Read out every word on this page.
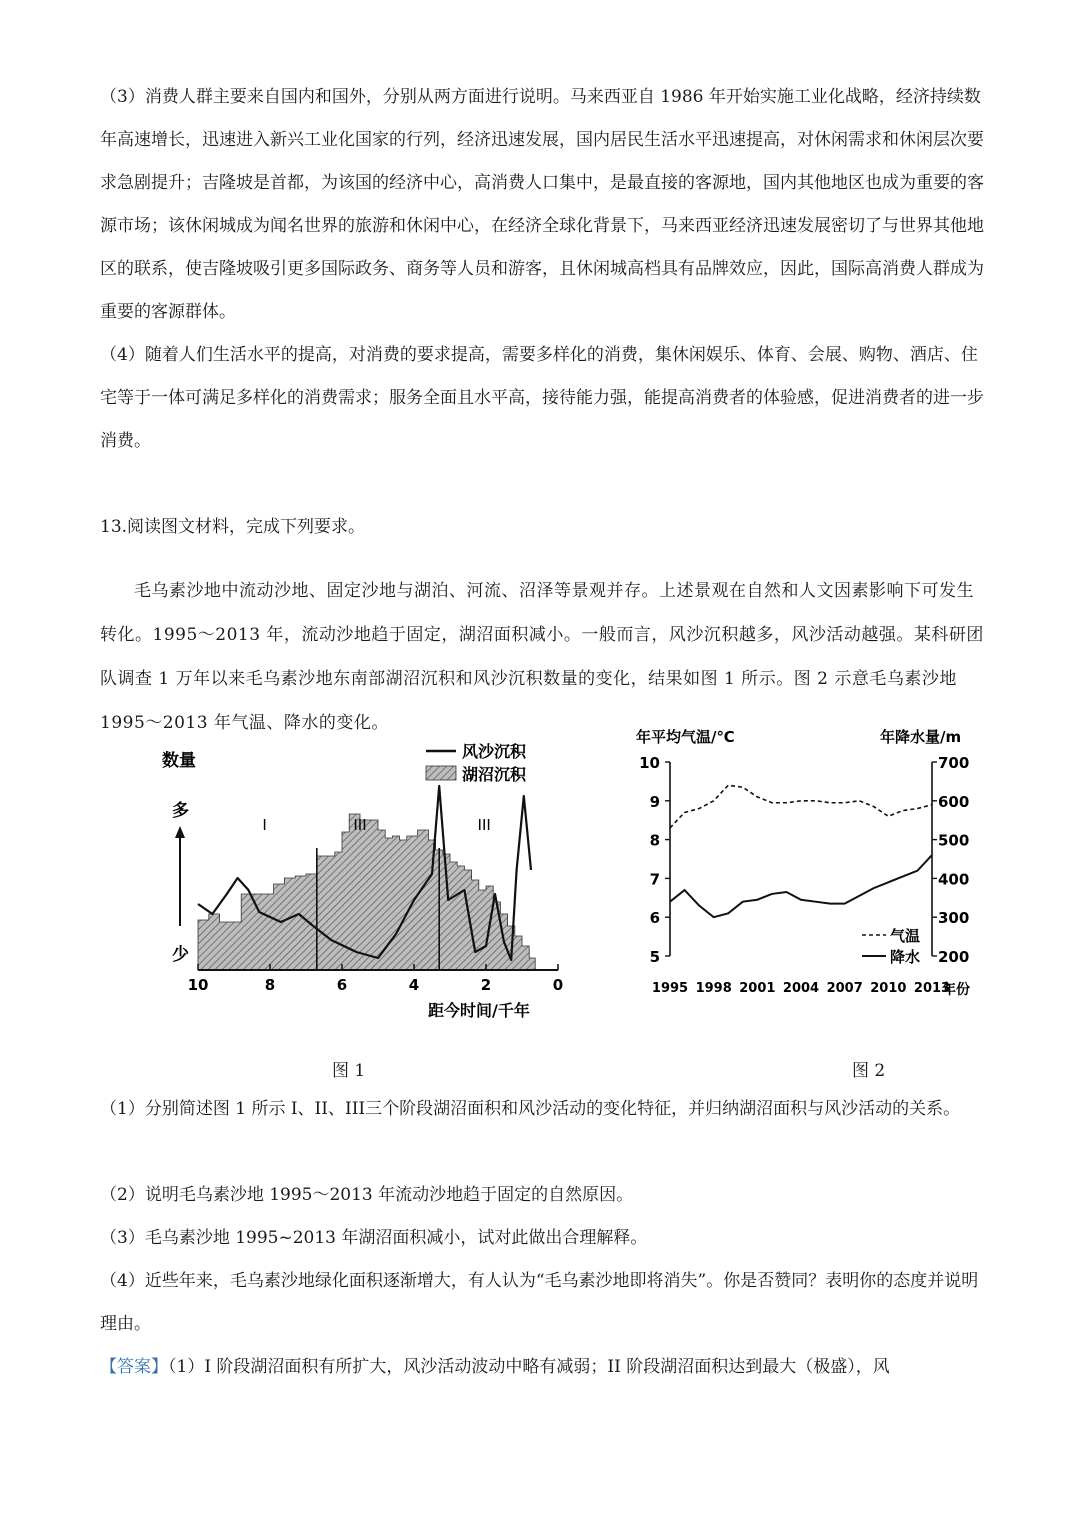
（3）消费人群主要来自国内和国外，分别从两方面进行说明。马来西亚自 1986 年开始实施工业化战略，经济持续数年高速增长，迅速进入新兴工业化国家的行列，经济迅速发展，国内居民生活水平迅速提高，对休闲需求和休闲层次要求急剧提升；吉隆坡是首都，为该国的经济中心，高消费人口集中，是最直接的客源地，国内其他地区也成为重要的客源市场；该休闲城成为闻名世界的旅游和休闲中心，在经济全球化背景下，马来西亚经济迅速发展密切了与世界其他地区的联系，使吉隆坡吸引更多国际政务、商务等人员和游客，且休闲城高档具有品牌效应，因此，国际高消费人群成为重要的客源群体。

（4）随着人们生活水平的提高，对消费的要求提高，需要多样化的消费，集休闲娱乐、体育、会展、购物、酒店、住宅等于一体可满足多样化的消费需求；服务全面且水平高，接待能力强，能提高消费者的体验感，促进消费者的进一步消费。

13.阅读图文材料，完成下列要求。

毛乌素沙地中流动沙地、固定沙地与湖泊、河流、沼泽等景观并存。上述景观在自然和人文因素影响下可发生转化。1995～2013 年，流动沙地趋于固定，湖沼面积减小。一般而言，风沙沉积越多，风沙活动越强。某科研团队调查 1 万年以来毛乌素沙地东南部湖沼沉积和风沙沉积数量的变化，结果如图 1 所示。图 2 示意毛乌素沙地 1995～2013 年气温、降水的变化。

10	8	6	4	2	0
I	III	III
数量
多
少
风沙沉积
湖沼沉积
距今时间/千年
5
6
7
8
9
10
200
300
400
500
600
700
1995 1998 2001 2004 2007 2010 2013
年平均气温/℃	年降水量/m
气温
降水
年份
图 1	图 2
（1）分别简述图 1 所示 I、II、III三个阶段湖沼面积和风沙活动的变化特征，并归纳湖沼面积与风沙活动的关系。
（2）说明毛乌素沙地 1995～2013 年流动沙地趋于固定的自然原因。
（3）毛乌素沙地 1995~2013 年湖沼面积减小，试对此做出合理解释。
（4）近些年来，毛乌素沙地绿化面积逐渐增大，有人认为“毛乌素沙地即将消失”。你是否赞同？表明你的态度并说明理由。
【答案】（1）I 阶段湖沼面积有所扩大，风沙活动波动中略有减弱；II 阶段湖沼面积达到最大（极盛），风
